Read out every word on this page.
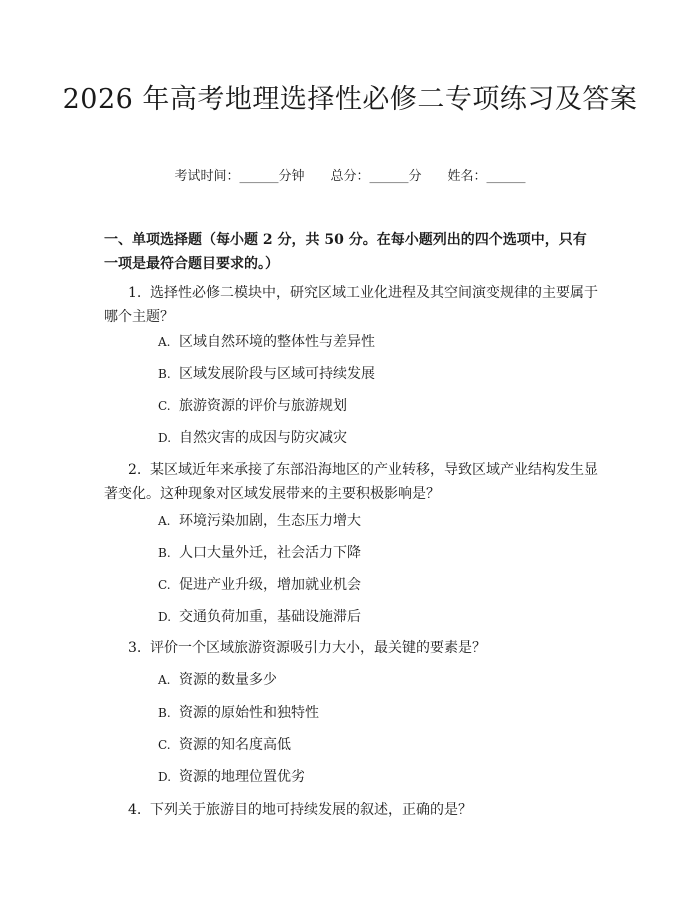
2026 年高考地理选择性必修二专项练习及答案
考试时间：______分钟 总分：______分 姓名：______
一、单项选择题（每小题 2 分，共 50 分。在每小题列出的四个选项中，只有一项是最符合题目要求的。）
1. 选择性必修二模块中，研究区域工业化进程及其空间演变规律的主要属于哪个主题？
A. 区域自然环境的整体性与差异性
B. 区域发展阶段与区域可持续发展
C. 旅游资源的评价与旅游规划
D. 自然灾害的成因与防灾减灾
2. 某区域近年来承接了东部沿海地区的产业转移，导致区域产业结构发生显著变化。这种现象对区域发展带来的主要积极影响是？
A. 环境污染加剧，生态压力增大
B. 人口大量外迁，社会活力下降
C. 促进产业升级，增加就业机会
D. 交通负荷加重，基础设施滞后
3. 评价一个区域旅游资源吸引力大小，最关键的要素是？
A. 资源的数量多少
B. 资源的原始性和独特性
C. 资源的知名度高低
D. 资源的地理位置优劣
4. 下列关于旅游目的地可持续发展的叙述，正确的是？
